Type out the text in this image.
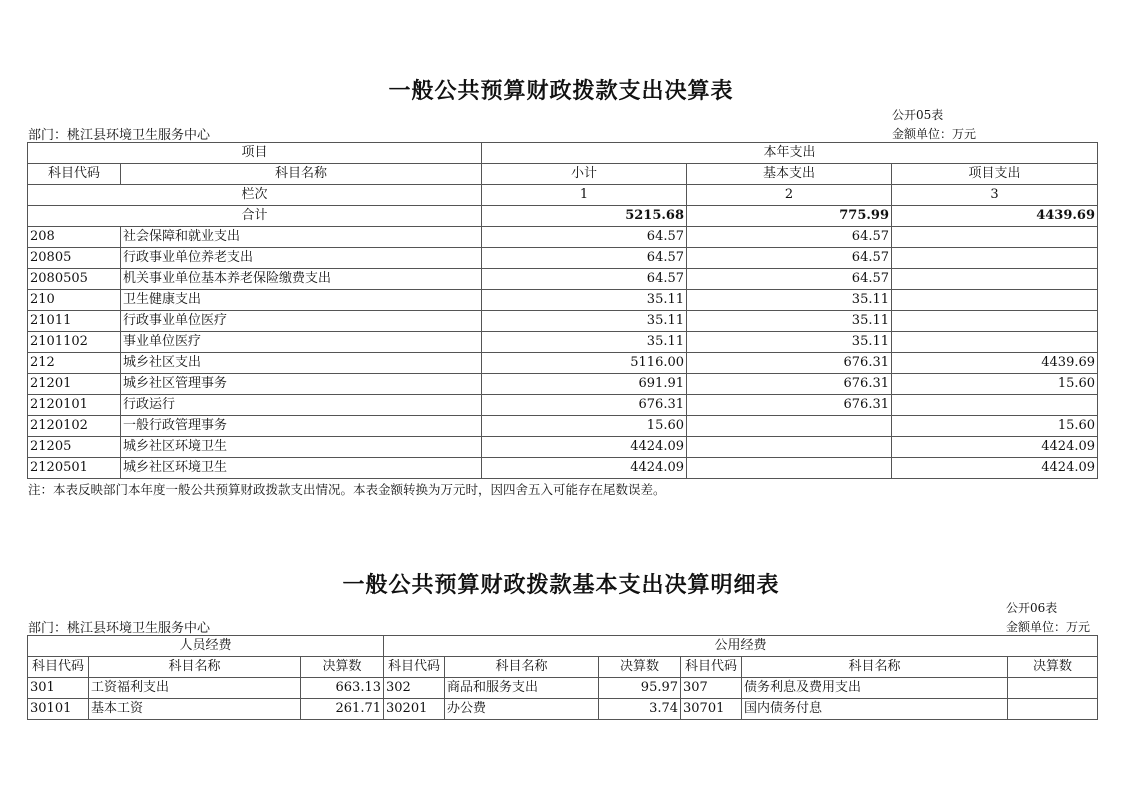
一般公共预算财政拨款支出决算表
公开05表
部门：桃江县环境卫生服务中心	金额单位：万元
项目		本年支出		
科目代码	科目名称	小计	基本支出	项目支出
栏次		1	2	3
合计		5215.68	775.99	4439.69
208	社会保障和就业支出	64.57	64.57	
20805	行政事业单位养老支出	64.57	64.57	
2080505	机关事业单位基本养老保险缴费支出	64.57	64.57	
210	卫生健康支出	35.11	35.11	
21011	行政事业单位医疗	35.11	35.11	
2101102	事业单位医疗	35.11	35.11	
212	城乡社区支出	5116.00	676.31	4439.69
21201	城乡社区管理事务	691.91	676.31	15.60
2120101	行政运行	676.31	676.31	
2120102	一般行政管理事务	15.60		15.60
21205	城乡社区环境卫生	4424.09		4424.09
2120501	城乡社区环境卫生	4424.09		4424.09
注：本表反映部门本年度一般公共预算财政拨款支出情况。本表金额转换为万元时，因四舍五入可能存在尾数误差。
一般公共预算财政拨款基本支出决算明细表
公开06表
部门：桃江县环境卫生服务中心	金额单位：万元
人员经费			公用经费					
科目代码	科目名称	决算数	科目代码	科目名称	决算数	科目代码	科目名称	决算数
301	工资福利支出	663.13	302	商品和服务支出	95.97	307	债务利息及费用支出	
30101	基本工资	261.71	30201	办公费	3.74	30701	国内债务付息	
